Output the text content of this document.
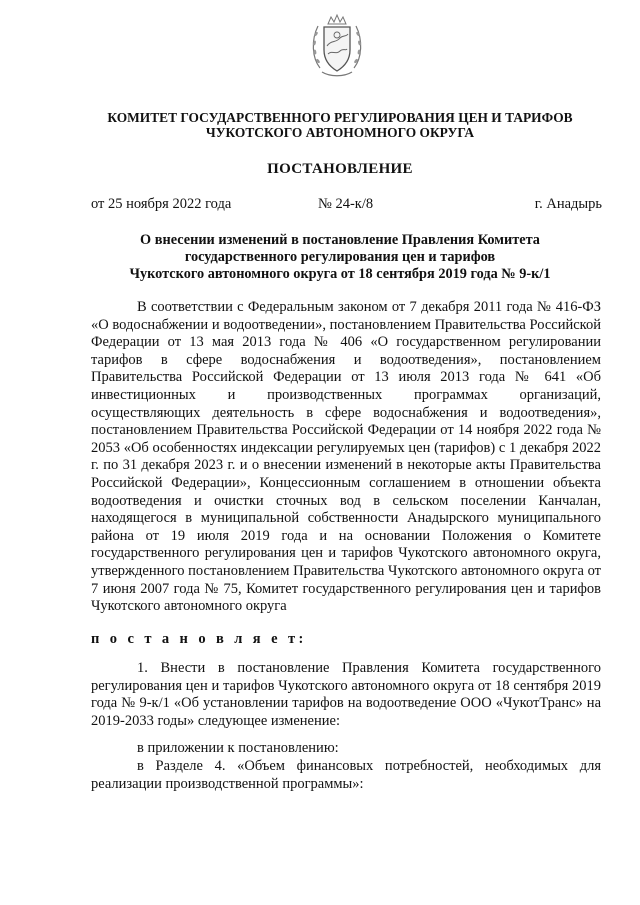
КОМИТЕТ ГОСУДАРСТВЕННОГО РЕГУЛИРОВАНИЯ ЦЕН И ТАРИФОВ
ЧУКОТСКОГО АВТОНОМНОГО ОКРУГА
ПОСТАНОВЛЕНИЕ
от 25 ноября 2022 года	№ 24-к/8	г. Анадырь
О внесении изменений в постановление Правления Комитета
государственного регулирования цен и тарифов
Чукотского автономного округа от 18 сентября 2019 года № 9-к/1

В соответствии с Федеральным законом от 7 декабря 2011 года № 416-ФЗ «О водоснабжении и водоотведении», постановлением Правительства Российской Федерации от 13 мая 2013 года № 406 «О государственном регулировании тарифов в сфере водоснабжения и водоотведения», постановлением Правительства Российской Федерации от 13 июля 2013 года № 641 «Об инвестиционных и производственных программах организаций, осуществляющих деятельность в сфере водоснабжения и водоотведения», постановлением Правительства Российской Федерации от 14 ноября 2022 года № 2053 «Об особенностях индексации регулируемых цен (тарифов) с 1 декабря 2022 г. по 31 декабря 2023 г. и о внесении изменений в некоторые акты Правительства Российской Федерации», Концессионным соглашением в отношении объекта водоотведения и очистки сточных вод в сельском поселении Канчалан, находящегося в муниципальной собственности Анадырского муниципального района от 19 июля 2019 года и на основании Положения о Комитете государственного регулирования цен и тарифов Чукотского автономного округа, утвержденного постановлением Правительства Чукотского автономного округа от 7 июня 2007 года № 75, Комитет государственного регулирования цен и тарифов Чукотского автономного округа

п о с т а н о в л я е т:

1. Внести в постановление Правления Комитета государственного регулирования цен и тарифов Чукотского автономного округа от 18 сентября 2019 года № 9-к/1 «Об установлении тарифов на водоотведение ООО «ЧукотТранс» на 2019-2033 годы» следующее изменение:

в приложении к постановлению:

в Разделе 4. «Объем финансовых потребностей, необходимых для реализации производственной программы»:
